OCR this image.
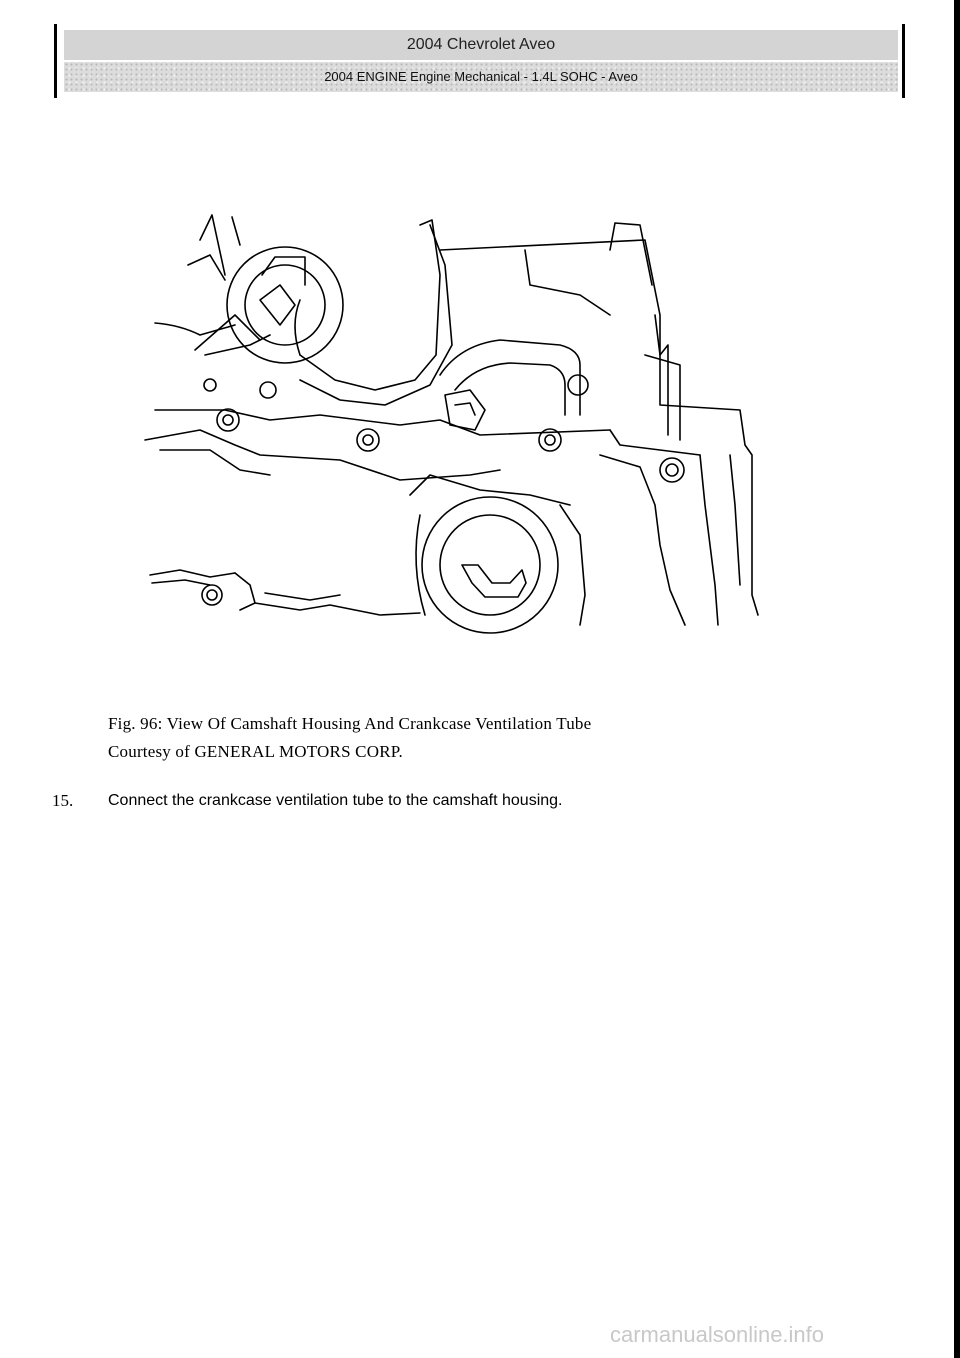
2004 Chevrolet Aveo
2004 ENGINE Engine Mechanical - 1.4L SOHC - Aveo
Fig. 96: View Of Camshaft Housing And Crankcase Ventilation Tube
Courtesy of GENERAL MOTORS CORP.
15. Connect the crankcase ventilation tube to the camshaft housing.
carmanualsonline.info
